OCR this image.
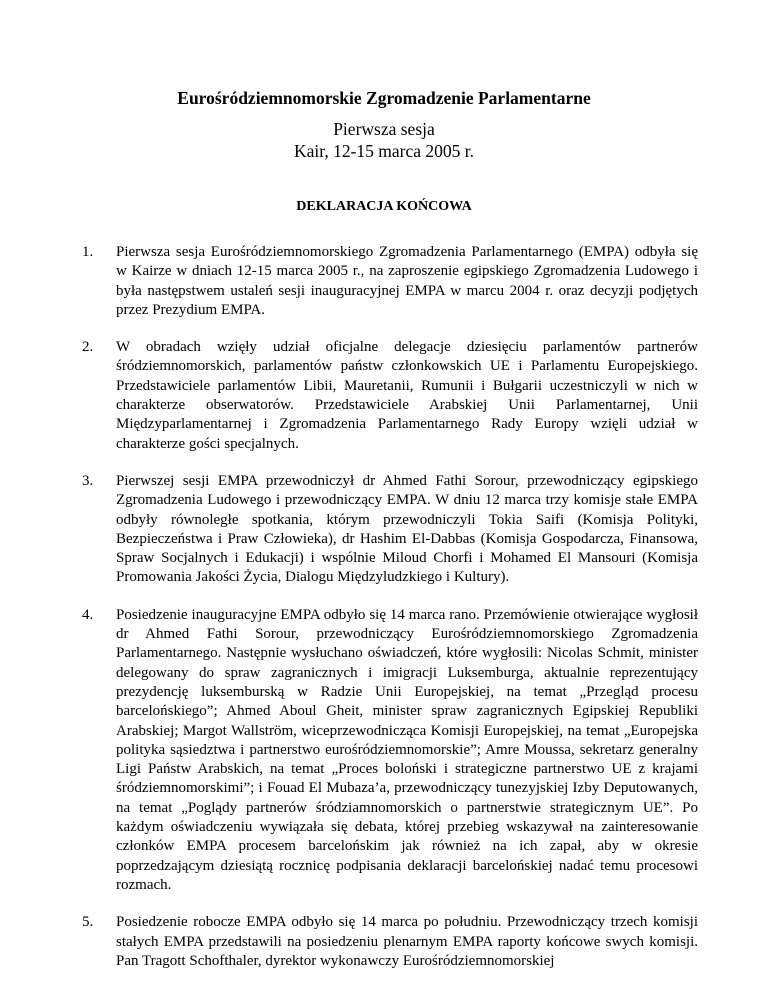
Eurośródziemnomorskie Zgromadzenie Parlamentarne
Pierwsza sesja
Kair, 12-15 marca 2005 r.
DEKLARACJA KOŃCOWA
1. Pierwsza sesja Eurośródziemnomorskiego Zgromadzenia Parlamentarnego (EMPA) odbyła się w Kairze w dniach 12-15 marca 2005 r., na zaproszenie egipskiego Zgromadzenia Ludowego i była następstwem ustaleń sesji inauguracyjnej EMPA w marcu 2004 r. oraz decyzji podjętych przez Prezydium EMPA.
2. W obradach wzięły udział oficjalne delegacje dziesięciu parlamentów partnerów śródziemnomorskich, parlamentów państw członkowskich UE i Parlamentu Europejskiego. Przedstawiciele parlamentów Libii, Mauretanii, Rumunii i Bułgarii uczestniczyli w nich w charakterze obserwatorów. Przedstawiciele Arabskiej Unii Parlamentarnej, Unii Międzyparlamentarnej i Zgromadzenia Parlamentarnego Rady Europy wzięli udział w charakterze gości specjalnych.
3. Pierwszej sesji EMPA przewodniczył dr Ahmed Fathi Sorour, przewodniczący egipskiego Zgromadzenia Ludowego i przewodniczący EMPA. W dniu 12 marca trzy komisje stałe EMPA odbyły równoległe spotkania, którym przewodniczyli Tokia Saifi (Komisja Polityki, Bezpieczeństwa i Praw Człowieka), dr Hashim El-Dabbas (Komisja Gospodarcza, Finansowa, Spraw Socjalnych i Edukacji) i wspólnie Miloud Chorfi i Mohamed El Mansouri (Komisja Promowania Jakości Życia, Dialogu Międzyludzkiego i Kultury).
4. Posiedzenie inauguracyjne EMPA odbyło się 14 marca rano. Przemówienie otwierające wygłosił dr Ahmed Fathi Sorour, przewodniczący Eurośródziemnomorskiego Zgromadzenia Parlamentarnego. Następnie wysłuchano oświadczeń, które wygłosili: Nicolas Schmit, minister delegowany do spraw zagranicznych i imigracji Luksemburga, aktualnie reprezentujący prezydencję luksemburską w Radzie Unii Europejskiej, na temat „Przegląd procesu barcelońskiego”; Ahmed Aboul Gheit, minister spraw zagranicznych Egipskiej Republiki Arabskiej; Margot Wallström, wiceprzewodnicząca Komisji Europejskiej, na temat „Europejska polityka sąsiedztwa i partnerstwo eurośródziemnomorskie”; Amre Moussa, sekretarz generalny Ligi Państw Arabskich, na temat „Proces boloński i strategiczne partnerstwo UE z krajami śródziemnomorskimi”; i Fouad El Mubaza’a, przewodniczący tunezyjskiej Izby Deputowanych, na temat „Poglądy partnerów śródziamnomorskich o partnerstwie strategicznym UE”. Po każdym oświadczeniu wywiązała się debata, której przebieg wskazywał na zainteresowanie członków EMPA procesem barcelońskim jak również na ich zapał, aby w okresie poprzedzającym dziesiątą rocznicę podpisania deklaracji barcelońskiej nadać temu procesowi rozmach.
5. Posiedzenie robocze EMPA odbyło się 14 marca po południu. Przewodniczący trzech komisji stałych EMPA przedstawili na posiedzeniu plenarnym EMPA raporty końcowe swych komisji. Pan Tragott Schofthaler, dyrektor wykonawczy Eurośródziemnomorskiej
